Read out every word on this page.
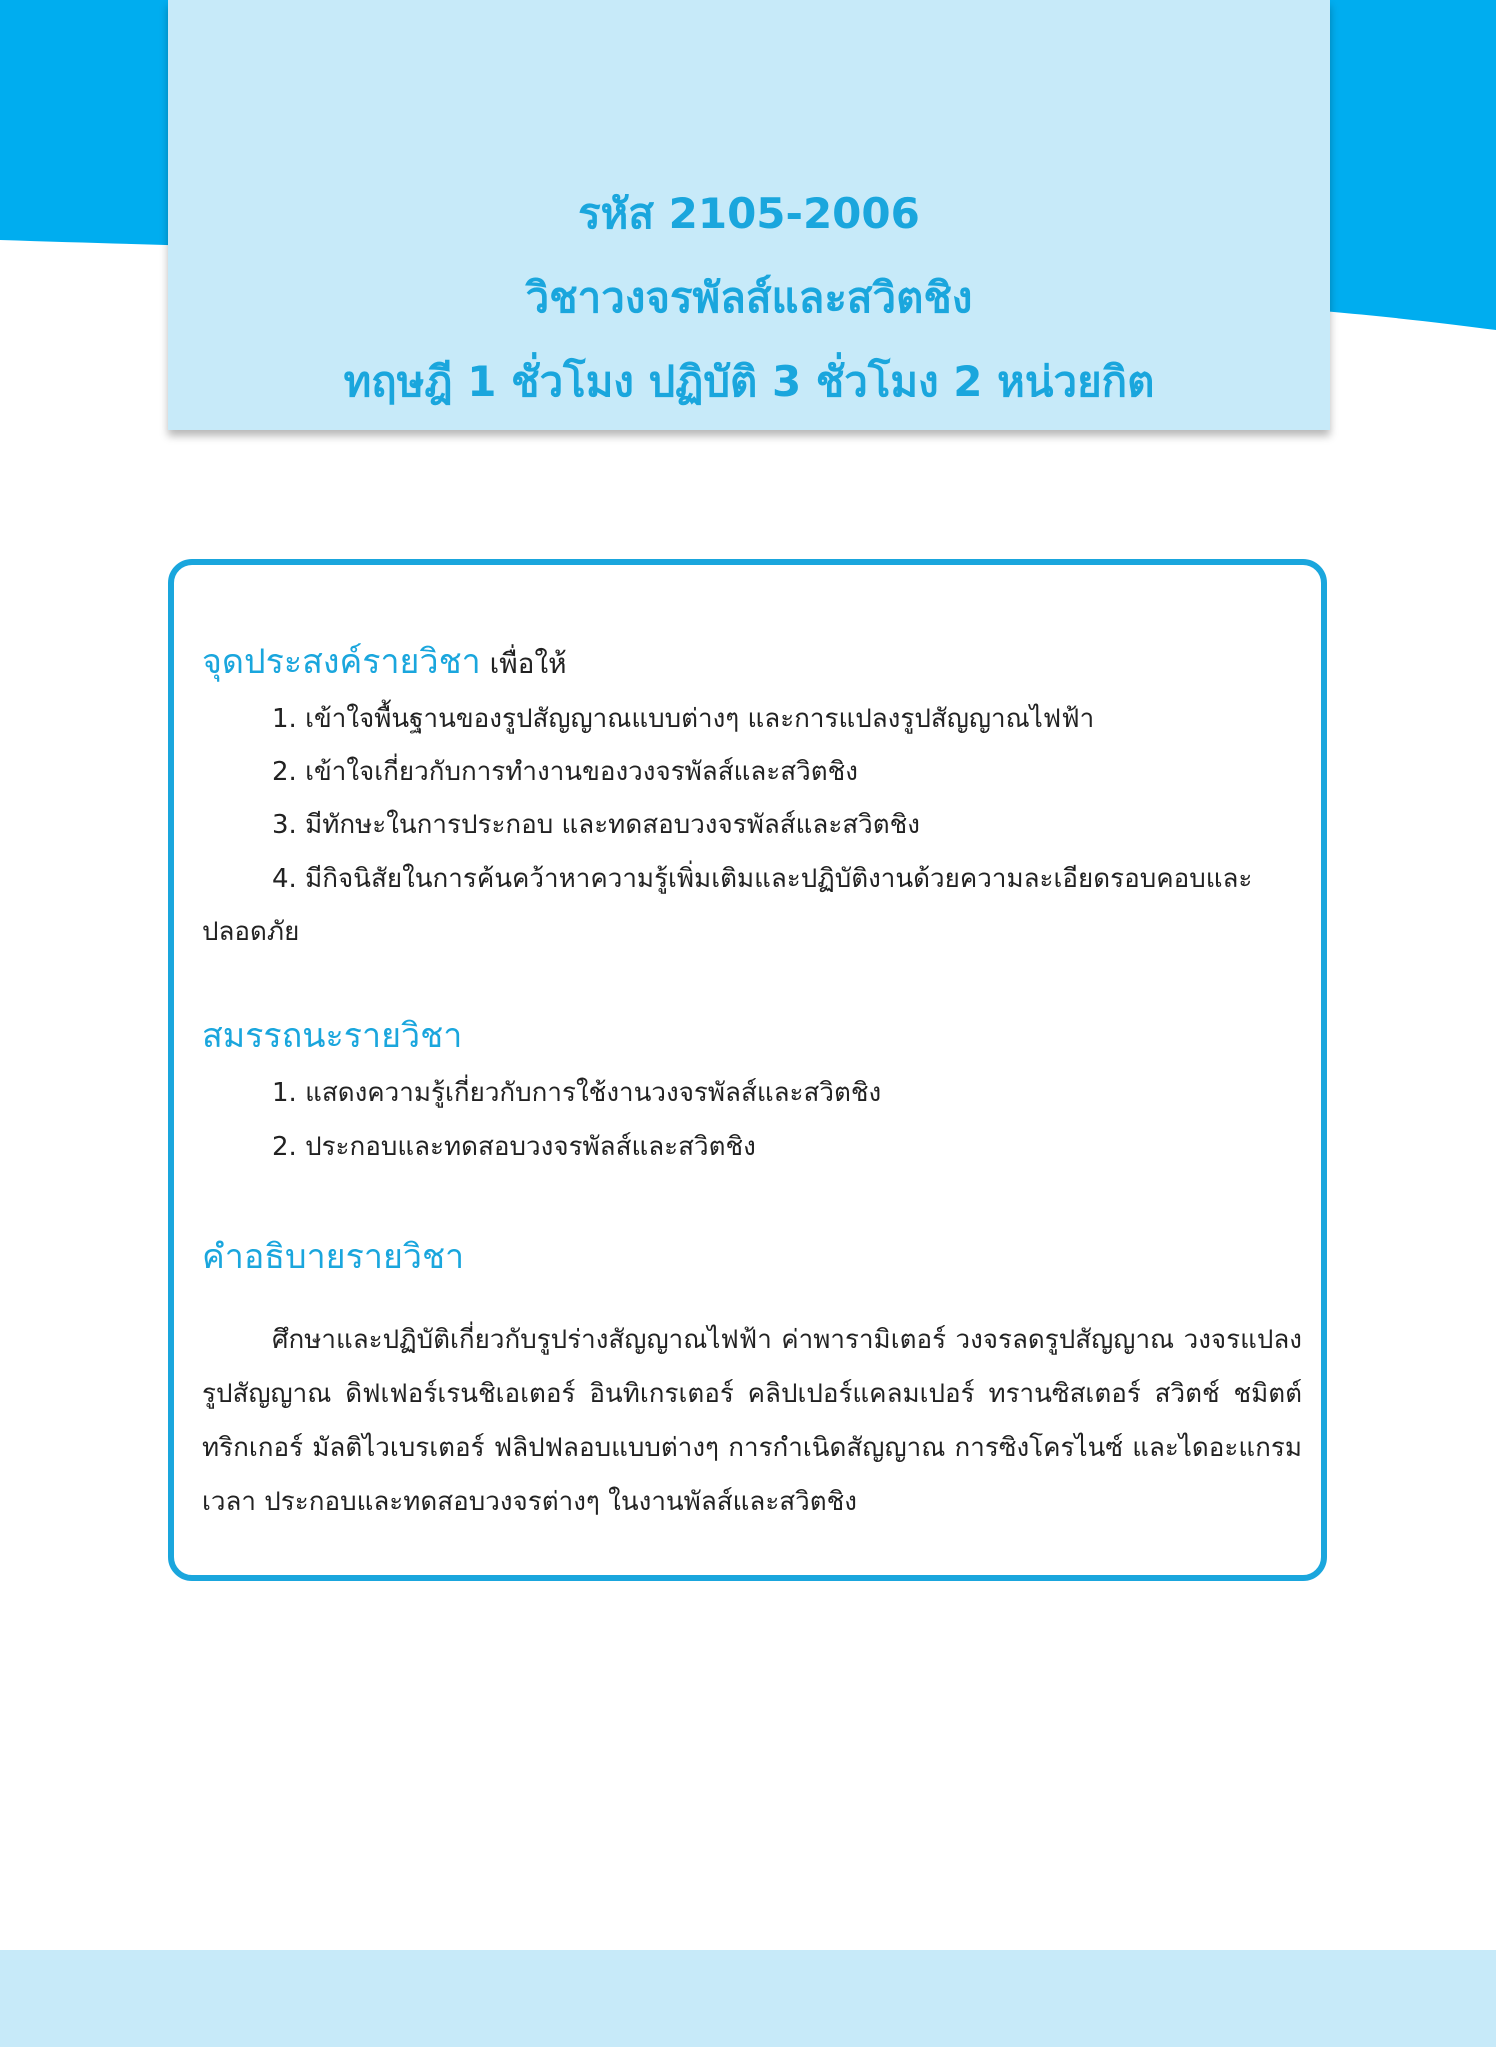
รหัส 2105-2006
วิชาวงจรพัลส์และสวิตชิง
ทฤษฎี 1 ชั่วโมง ปฏิบัติ 3 ชั่วโมง 2 หน่วยกิต
จุดประสงค์รายวิชา เพื่อให้
1. เข้าใจพื้นฐานของรูปสัญญาณแบบต่างๆ และการแปลงรูปสัญญาณไฟฟ้า
2. เข้าใจเกี่ยวกับการทำงานของวงจรพัลส์และสวิตชิง
3. มีทักษะในการประกอบ และทดสอบวงจรพัลส์และสวิตชิง
4. มีกิจนิสัยในการค้นคว้าหาความรู้เพิ่มเติมและปฏิบัติงานด้วยความละเอียดรอบคอบและ
ปลอดภัย
สมรรถนะรายวิชา
1. แสดงความรู้เกี่ยวกับการใช้งานวงจรพัลส์และสวิตชิง
2. ประกอบและทดสอบวงจรพัลส์และสวิตชิง
คำอธิบายรายวิชา
ศึกษาและปฏิบัติเกี่ยวกับรูปร่างสัญญาณไฟฟ้า ค่าพารามิเตอร์ วงจรลดรูปสัญญาณ วงจรแปลงรูปสัญญาณ ดิฟเฟอร์เรนชิเอเตอร์ อินทิเกรเตอร์ คลิปเปอร์แคลมเปอร์ ทรานซิสเตอร์ สวิตช์ ชมิตต์ทริกเกอร์ มัลติไวเบรเตอร์ ฟลิปฟลอบแบบต่างๆ การกำเนิดสัญญาณ การซิงโครไนซ์ และไดอะแกรมเวลา ประกอบและทดสอบวงจรต่างๆ ในงานพัลส์และสวิตชิง
